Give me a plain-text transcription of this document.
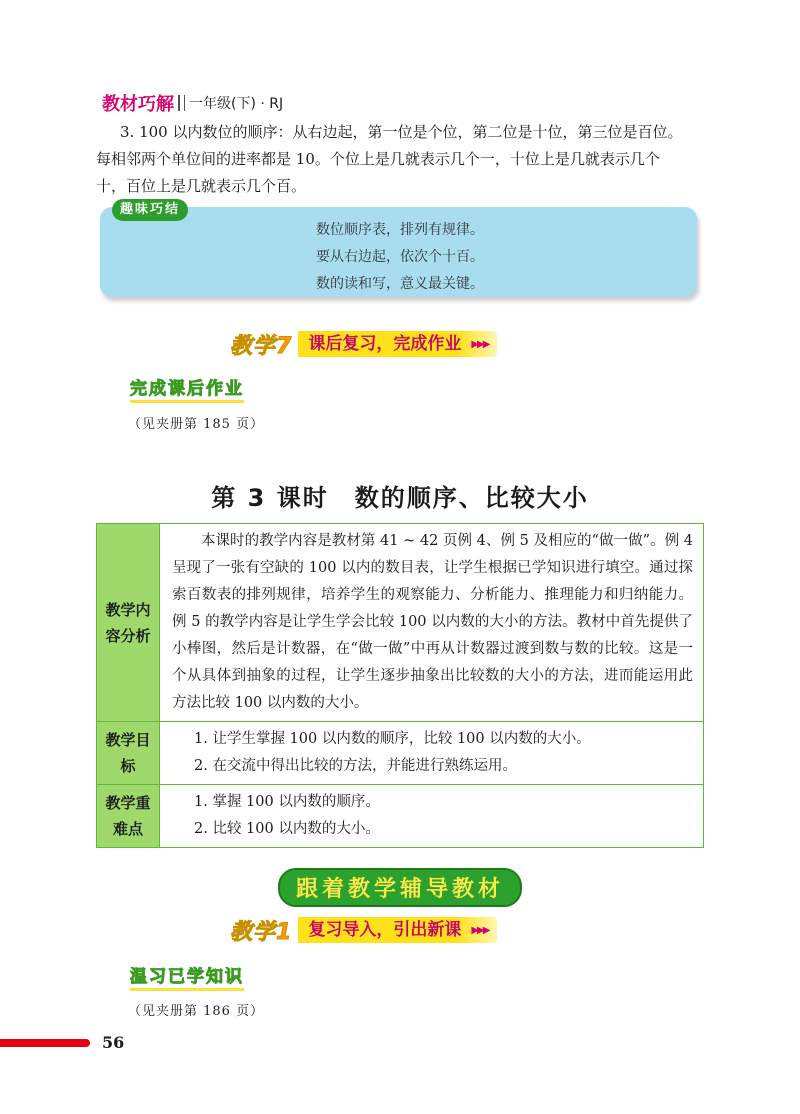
教材巧解 一年级(下) · RJ

3. 100 以内数位的顺序：从右边起，第一位是个位，第二位是十位，第三位是百位。

每相邻两个单位间的进率都是 10。个位上是几就表示几个一，十位上是几就表示几个

十，百位上是几就表示几个百。

趣味巧结
数位顺序表，排列有规律。
要从右边起，依次个十百。
数的读和写，意义最关键。
教学7 课后复习，完成作业	▶▶▶
完成课后作业
（见夹册第 185 页）
第 3 课时　数的顺序、比较大小
教学内容分析	本课时的教学内容是教材第 41 ~ 42 页例 4、例 5 及相应的“做一做”。例 4 呈现了一张有空缺的 100 以内的数目表，让学生根据已学知识进行填空。通过探索百数表的排列规律，培养学生的观察能力、分析能力、推理能力和归纳能力。例 5 的教学内容是让学生学会比较 100 以内数的大小的方法。教材中首先提供了小棒图，然后是计数器，在“做一做”中再从计数器过渡到数与数的比较。这是一个从具体到抽象的过程，让学生逐步抽象出比较数的大小的方法，进而能运用此方法比较 100 以内数的大小。

教学目标	1. 让学生掌握 100 以内数的顺序，比较 100 以内数的大小。
2. 在交流中得出比较的方法，并能进行熟练运用。

教学重难点	1. 掌握 100 以内数的顺序。
2. 比较 100 以内数的大小。
跟着教学辅导教材
教学1 复习导入，引出新课	▶▶▶
温习已学知识
（见夹册第 186 页）
56
